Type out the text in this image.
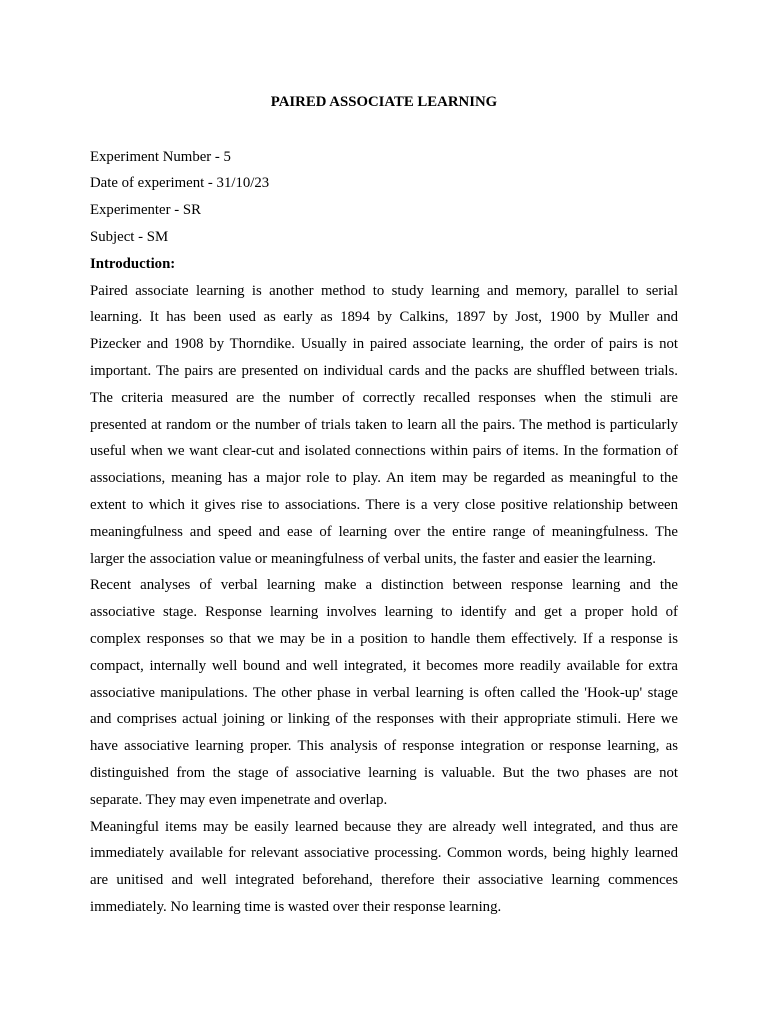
PAIRED ASSOCIATE LEARNING
Experiment Number - 5
Date of experiment - 31/10/23
Experimenter - SR
Subject - SM
Introduction:
Paired associate learning is another method to study learning and memory, parallel to serial
learning. It has been used as early as 1894 by Calkins, 1897 by Jost, 1900 by Muller and
Pizecker and 1908 by Thorndike. Usually in paired associate learning, the order of pairs is not
important. The pairs are presented on individual cards and the packs are shuffled between trials.
The criteria measured are the number of correctly recalled responses when the stimuli are
presented at random or the number of trials taken to learn all the pairs. The method is particularly
useful when we want clear-cut and isolated connections within pairs of items. In the formation of
associations, meaning has a major role to play. An item may be regarded as meaningful to the
extent to which it gives rise to associations. There is a very close positive relationship between
meaningfulness and speed and ease of learning over the entire range of meaningfulness. The
larger the association value or meaningfulness of verbal units, the faster and easier the learning.
Recent analyses of verbal learning make a distinction between response learning and the
associative stage. Response learning involves learning to identify and get a proper hold of
complex responses so that we may be in a position to handle them effectively. If a response is
compact, internally well bound and well integrated, it becomes more readily available for extra
associative manipulations. The other phase in verbal learning is often called the 'Hook-up' stage
and comprises actual joining or linking of the responses with their appropriate stimuli. Here we
have associative learning proper. This analysis of response integration or response learning, as
distinguished from the stage of associative learning is valuable. But the two phases are not
separate. They may even impenetrate and overlap.
Meaningful items may be easily learned because they are already well integrated, and thus are
immediately available for relevant associative processing. Common words, being highly learned
are unitised and well integrated beforehand, therefore their associative learning commences
immediately. No learning time is wasted over their response learning.
